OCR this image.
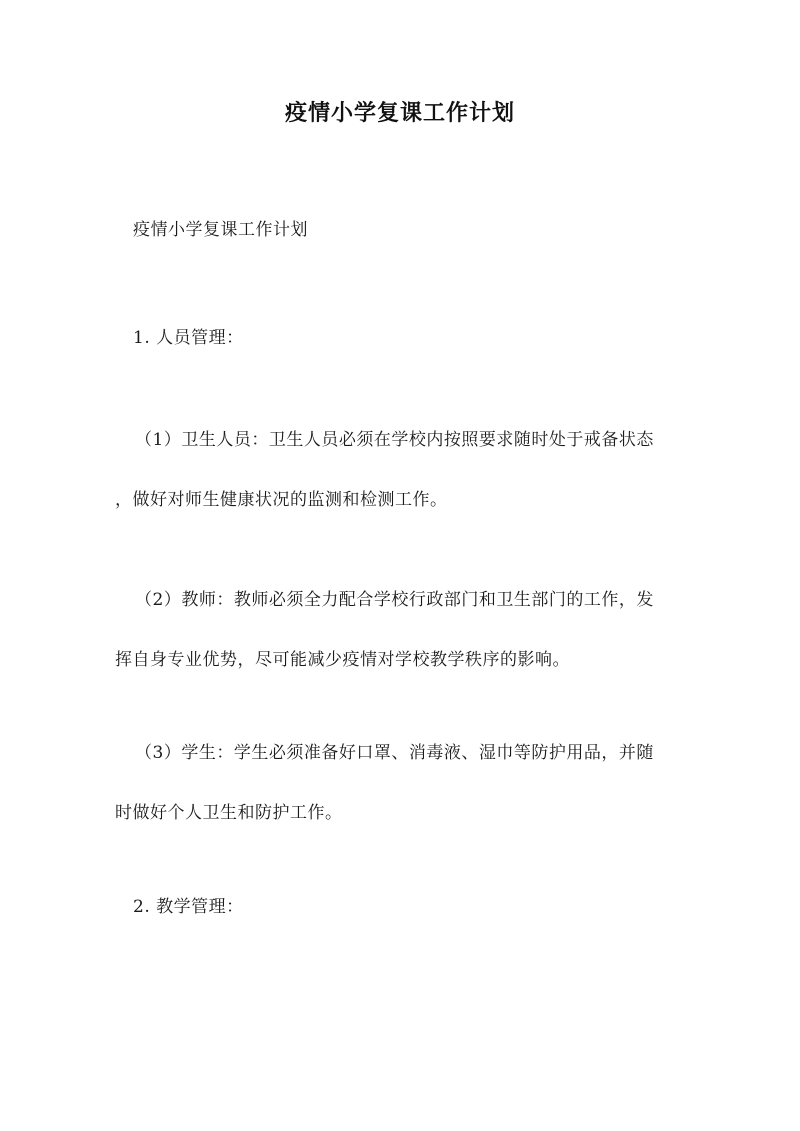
疫情小学复课工作计划
疫情小学复课工作计划
1. 人员管理：
（1）卫生人员：卫生人员必须在学校内按照要求随时处于戒备状态
，做好对师生健康状况的监测和检测工作。
（2）教师：教师必须全力配合学校行政部门和卫生部门的工作，发
挥自身专业优势，尽可能减少疫情对学校教学秩序的影响。
（3）学生：学生必须准备好口罩、消毒液、湿巾等防护用品，并随
时做好个人卫生和防护工作。
2. 教学管理：
